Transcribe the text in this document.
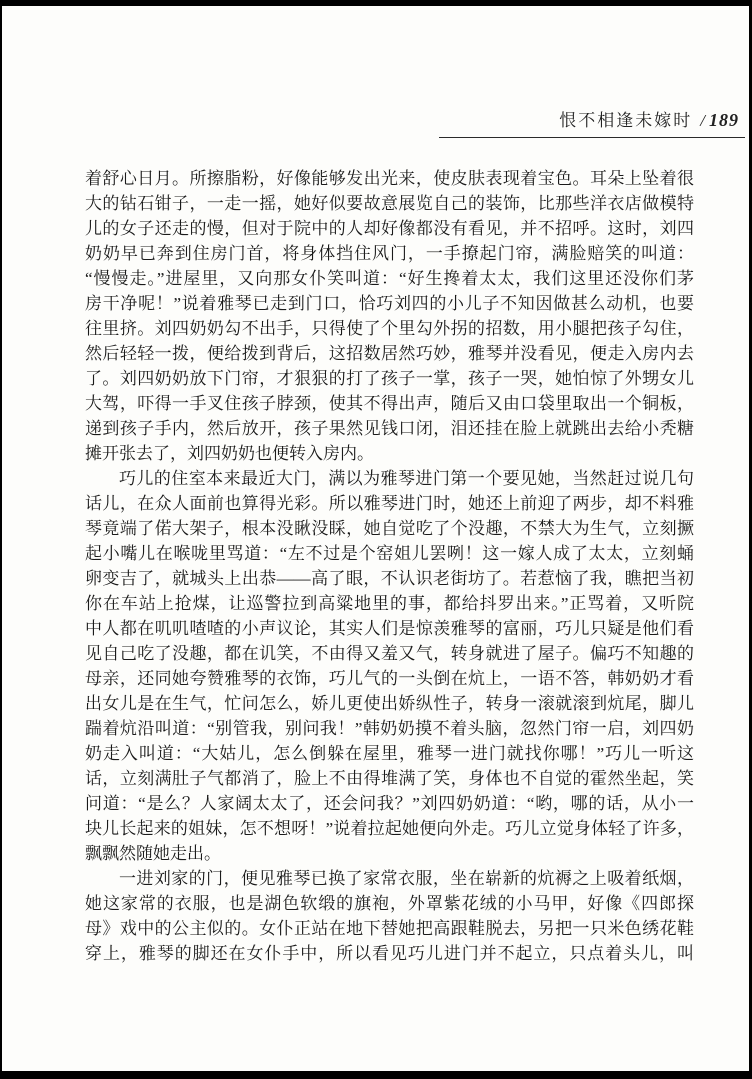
恨不相逢未嫁时 / 189
着舒心日月。所擦脂粉，好像能够发出光来，使皮肤表现着宝色。耳朵上坠着很
大的钻石钳子，一走一摇，她好似要故意展览自己的装饰，比那些洋衣店做模特
儿的女子还走的慢，但对于院中的人却好像都没有看见，并不招呼。这时，刘四
奶奶早已奔到住房门首，将身体挡住风门，一手撩起门帘，满脸赔笑的叫道：
“慢慢走。”进屋里，又向那女仆笑叫道：“好生搀着太太，我们这里还没你们茅
房干净呢！”说着雅琴已走到门口，恰巧刘四的小儿子不知因做甚么动机，也要
往里挤。刘四奶奶勾不出手，只得使了个里勾外拐的招数，用小腿把孩子勾住，
然后轻轻一拨，便给拨到背后，这招数居然巧妙，雅琴并没看见，便走入房内去
了。刘四奶奶放下门帘，才狠狠的打了孩子一掌，孩子一哭，她怕惊了外甥女儿
大驾，吓得一手叉住孩子脖颈，使其不得出声，随后又由口袋里取出一个铜板，
递到孩子手内，然后放开，孩子果然见钱口闭，泪还挂在脸上就跳出去给小秃糖
摊开张去了，刘四奶奶也便转入房内。
巧儿的住室本来最近大门，满以为雅琴进门第一个要见她，当然赶过说几句
话儿，在众人面前也算得光彩。所以雅琴进门时，她还上前迎了两步，却不料雅
琴竟端了偌大架子，根本没瞅没睬，她自觉吃了个没趣，不禁大为生气，立刻撅
起小嘴儿在喉咙里骂道：“左不过是个窑姐儿罢咧！这一嫁人成了太太，立刻蛹
卵变吉了，就城头上出恭——高了眼，不认识老街坊了。若惹恼了我，瞧把当初
你在车站上抢煤，让巡警拉到高粱地里的事，都给抖罗出来。”正骂着，又听院
中人都在叽叽喳喳的小声议论，其实人们是惊羡雅琴的富丽，巧儿只疑是他们看
见自己吃了没趣，都在讥笑，不由得又羞又气，转身就进了屋子。偏巧不知趣的
母亲，还同她夸赞雅琴的衣饰，巧儿气的一头倒在炕上，一语不答，韩奶奶才看
出女儿是在生气，忙问怎么，娇儿更使出娇纵性子，转身一滚就滚到炕尾，脚儿
踹着炕沿叫道：“别管我，别问我！”韩奶奶摸不着头脑，忽然门帘一启，刘四奶
奶走入叫道：“大姑儿，怎么倒躲在屋里，雅琴一进门就找你哪！”巧儿一听这
话，立刻满肚子气都消了，脸上不由得堆满了笑，身体也不自觉的霍然坐起，笑
问道：“是么？人家阔太太了，还会问我？”刘四奶奶道：“哟，哪的话，从小一
块儿长起来的姐妹，怎不想呀！”说着拉起她便向外走。巧儿立觉身体轻了许多，
飘飘然随她走出。
一进刘家的门，便见雅琴已换了家常衣服，坐在崭新的炕褥之上吸着纸烟，
她这家常的衣服，也是湖色软缎的旗袍，外罩紫花绒的小马甲，好像《四郎探
母》戏中的公主似的。女仆正站在地下替她把高跟鞋脱去，另把一只米色绣花鞋
穿上，雅琴的脚还在女仆手中，所以看见巧儿进门并不起立，只点着头儿，叫
